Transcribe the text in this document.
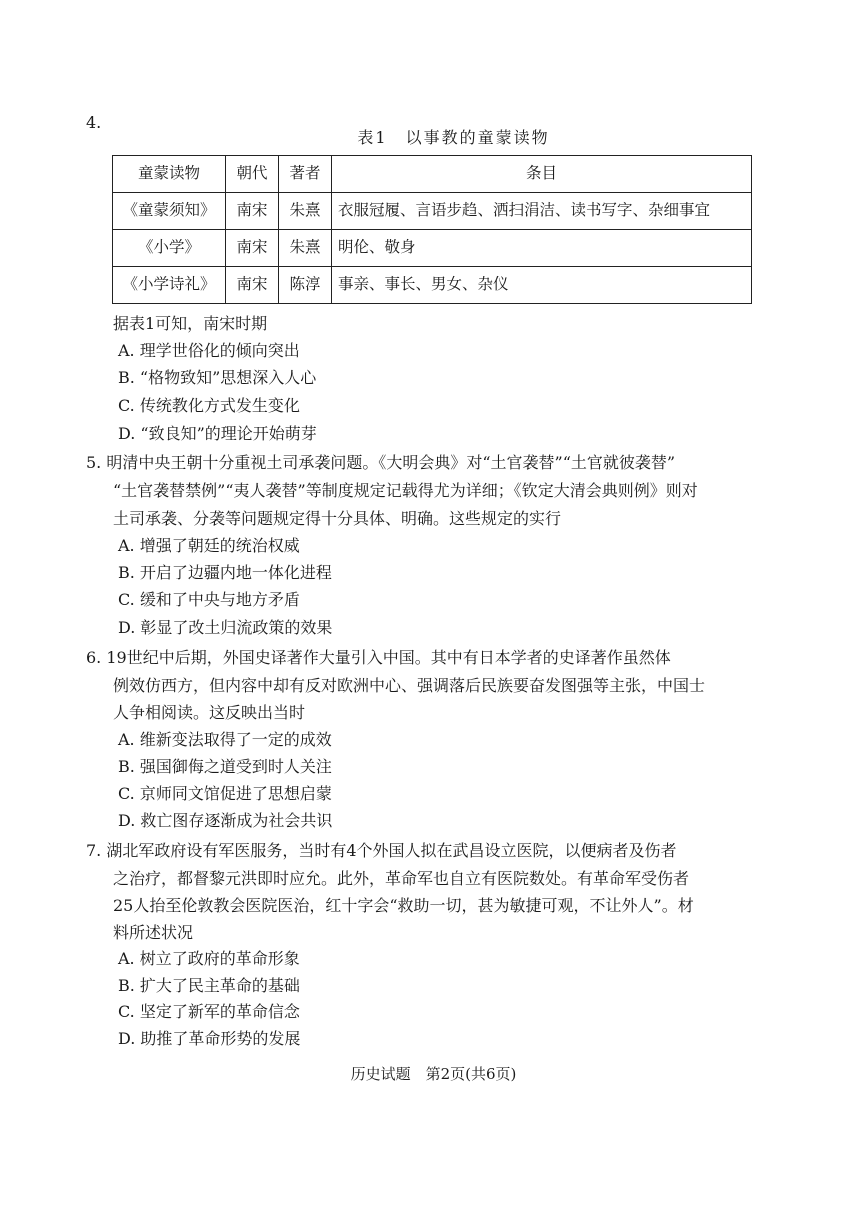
4.
表1　以事教的童蒙读物
童蒙读物	朝代	著者	条目
《童蒙须知》	南宋	朱熹	衣服冠履、言语步趋、洒扫涓洁、读书写字、杂细事宜
《小学》	南宋	朱熹	明伦、敬身
《小学诗礼》	南宋	陈淳	事亲、事长、男女、杂仪
据表1可知，南宋时期
A. 理学世俗化的倾向突出
B. “格物致知”思想深入人心
C. 传统教化方式发生变化
D. “致良知”的理论开始萌芽
5. 明清中央王朝十分重视土司承袭问题。《大明会典》对“土官袭替”“土官就彼袭替”
“土官袭替禁例”“夷人袭替”等制度规定记载得尤为详细；《钦定大清会典则例》则对
土司承袭、分袭等问题规定得十分具体、明确。这些规定的实行
A. 增强了朝廷的统治权威
B. 开启了边疆内地一体化进程
C. 缓和了中央与地方矛盾
D. 彰显了改土归流政策的效果
6. 19世纪中后期，外国史译著作大量引入中国。其中有日本学者的史译著作虽然体
例效仿西方，但内容中却有反对欧洲中心、强调落后民族要奋发图强等主张，中国士
人争相阅读。这反映出当时
A. 维新变法取得了一定的成效
B. 强国御侮之道受到时人关注
C. 京师同文馆促进了思想启蒙
D. 救亡图存逐渐成为社会共识
7. 湖北军政府设有军医服务，当时有4个外国人拟在武昌设立医院，以便病者及伤者
之治疗，都督黎元洪即时应允。此外，革命军也自立有医院数处。有革命军受伤者
25人抬至伦敦教会医院医治，红十字会“救助一切，甚为敏捷可观，不让外人”。材
料所述状况
A. 树立了政府的革命形象
B. 扩大了民主革命的基础
C. 坚定了新军的革命信念
D. 助推了革命形势的发展
历史试题　第2页(共6页)
